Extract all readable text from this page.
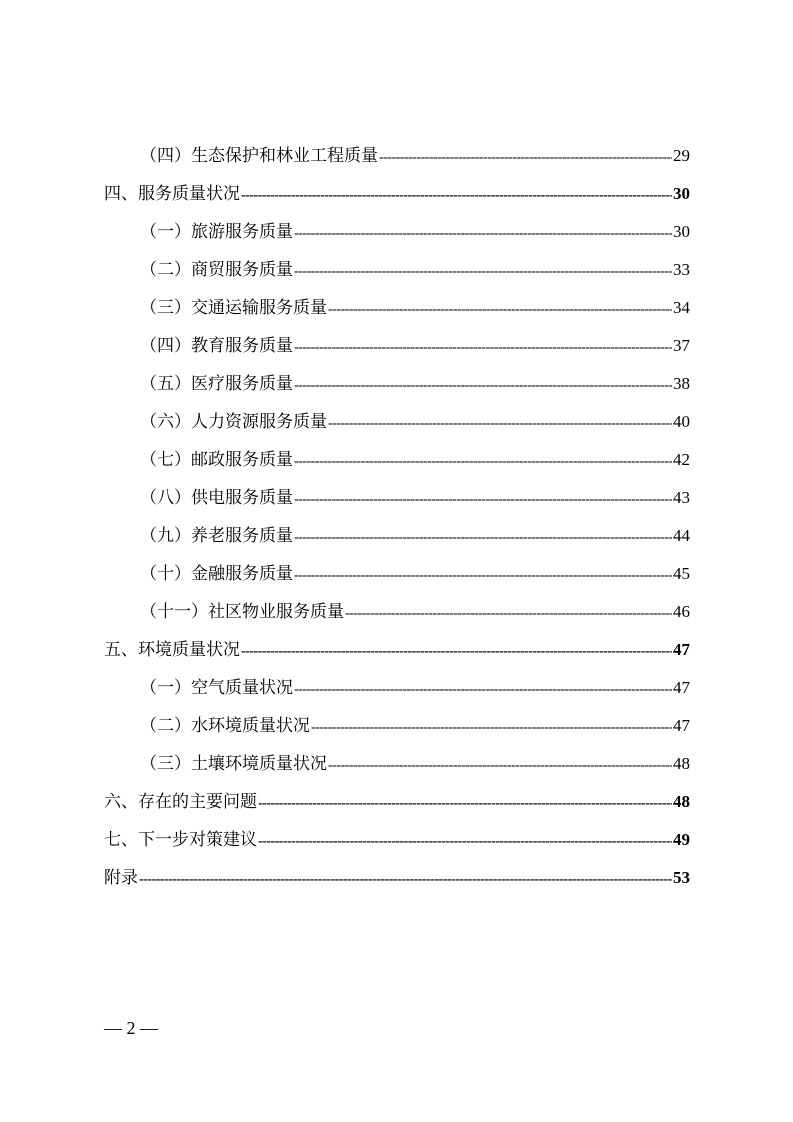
（四）生态保护和林业工程质量 -----	29
四、服务质量状况 -----	30
（一）旅游服务质量 -----	30
（二）商贸服务质量 -----	33
（三）交通运输服务质量 -----	34
（四）教育服务质量 -----	37
（五）医疗服务质量 -----	38
（六）人力资源服务质量 -----	40
（七）邮政服务质量 -----	42
（八）供电服务质量 -----	43
（九）养老服务质量 -----	44
（十）金融服务质量 -----	45
（十一）社区物业服务质量 -----	46
五、环境质量状况 -----	47
（一）空气质量状况 -----	47
（二）水环境质量状况 -----	47
（三）土壤环境质量状况 -----	48
六、存在的主要问题 -----	48
七、下一步对策建议 -----	49
附录 -----	53
— 2 —
